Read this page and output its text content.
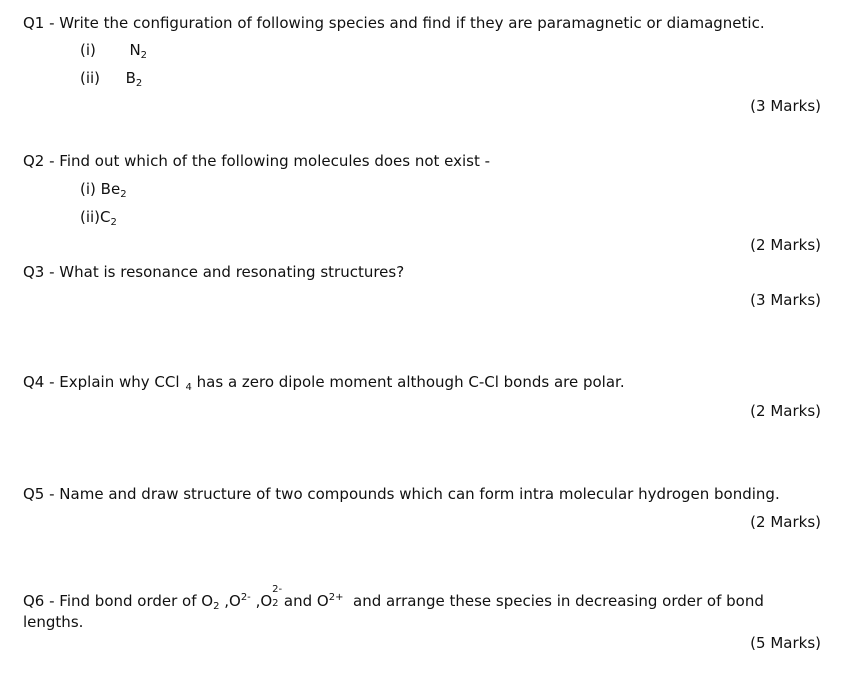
Q1 - Write the configuration of following species and find if they are paramagnetic or diamagnetic.
(i) $N_2$
(ii) $B_2$
(3 Marks)
Q2 - Find out which of the following molecules does not exist -
(i) $Be_2$
$(ii)C_2$
(2 Marks)
Q3 - What is resonance and resonating structures?
(3 Marks)
Q4 - Explain why CCl $_4$ has a zero dipole moment although C-Cl bonds are polar.
(2 Marks)
Q5 - Name and draw structure of two compounds which can form intra molecular hydrogen bonding.
(2 Marks)
Q6 - Find bond order of $O_2$ $,O^{2-}$ ,O
2-
2 and $O^{2+}$  and arrange these species in decreasing order of bond
lengths.
(5 Marks)
